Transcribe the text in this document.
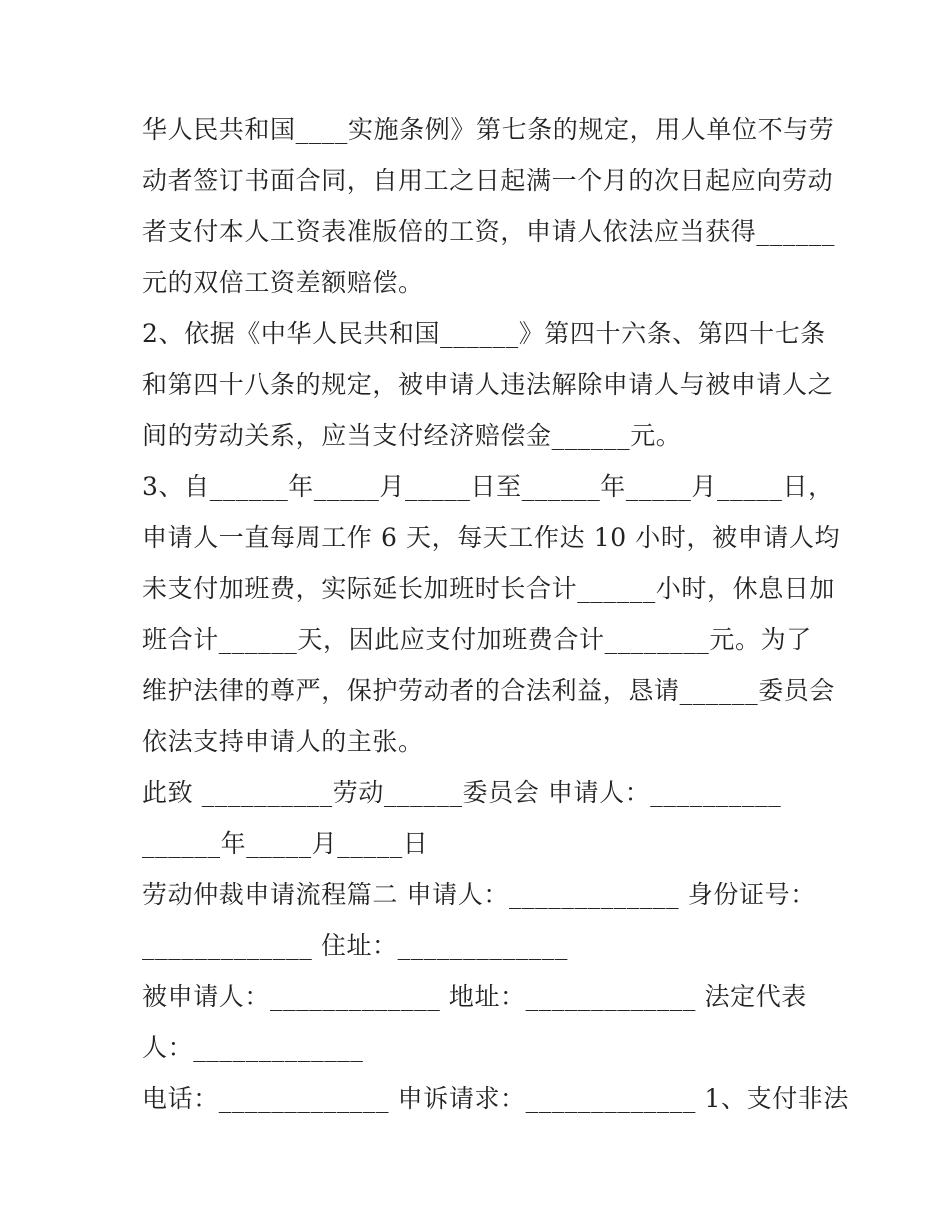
华人民共和国____实施条例》第七条的规定，用人单位不与劳

动者签订书面合同，自用工之日起满一个月的次日起应向劳动

者支付本人工资表准版倍的工资，申请人依法应当获得______

元的双倍工资差额赔偿。

2、依据《中华人民共和国______》第四十六条、第四十七条

和第四十八条的规定，被申请人违法解除申请人与被申请人之

间的劳动关系，应当支付经济赔偿金______元。

3、自______年_____月_____日至______年_____月_____日，

申请人一直每周工作 6 天，每天工作达 10 小时，被申请人均

未支付加班费，实际延长加班时长合计______小时，休息日加

班合计______天，因此应支付加班费合计________元。为了

维护法律的尊严，保护劳动者的合法利益，恳请______委员会

依法支持申请人的主张。

此致 __________劳动______委员会 申请人：__________

______年_____月_____日

劳动仲裁申请流程篇二 申请人：_____________ 身份证号：

_____________ 住址：_____________

被申请人：_____________ 地址：_____________ 法定代表

人：_____________

电话：_____________ 申诉请求：_____________ 1、支付非法
